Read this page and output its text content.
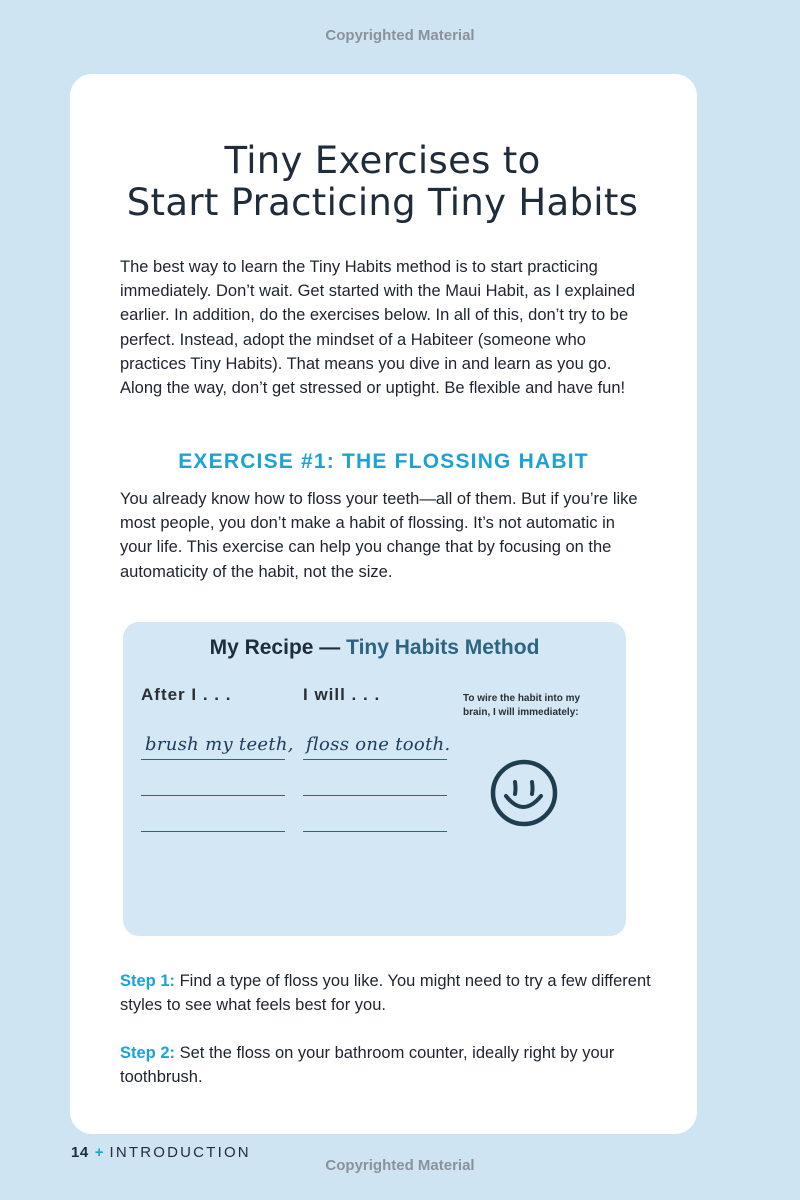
Copyrighted Material
Tiny Exercises to
Start Practicing Tiny Habits

The best way to learn the Tiny Habits method is to start practicing immediately. Don’t wait. Get started with the Maui Habit, as I explained earlier. In addition, do the exercises below. In all of this, don’t try to be perfect. Instead, adopt the mindset of a Habiteer (someone who practices Tiny Habits). That means you dive in and learn as you go. Along the way, don’t get stressed or uptight. Be flexible and have fun!

EXERCISE #1: THE FLOSSING HABIT

You already know how to floss your teeth—all of them. But if you’re like most people, you don’t make a habit of flossing. It’s not automatic in your life. This exercise can help you change that by focusing on the automaticity of the habit, not the size.

My Recipe — Tiny Habits Method
After I . . .	I will . . .	To wire the habit into my brain, I will immediately:
brush my teeth, floss one tooth.

Step 1: Find a type of floss you like. You might need to try a few different styles to see what feels best for you.

Step 2: Set the floss on your bathroom counter, ideally right by your toothbrush.

14 + INTRODUCTION
Copyrighted Material
